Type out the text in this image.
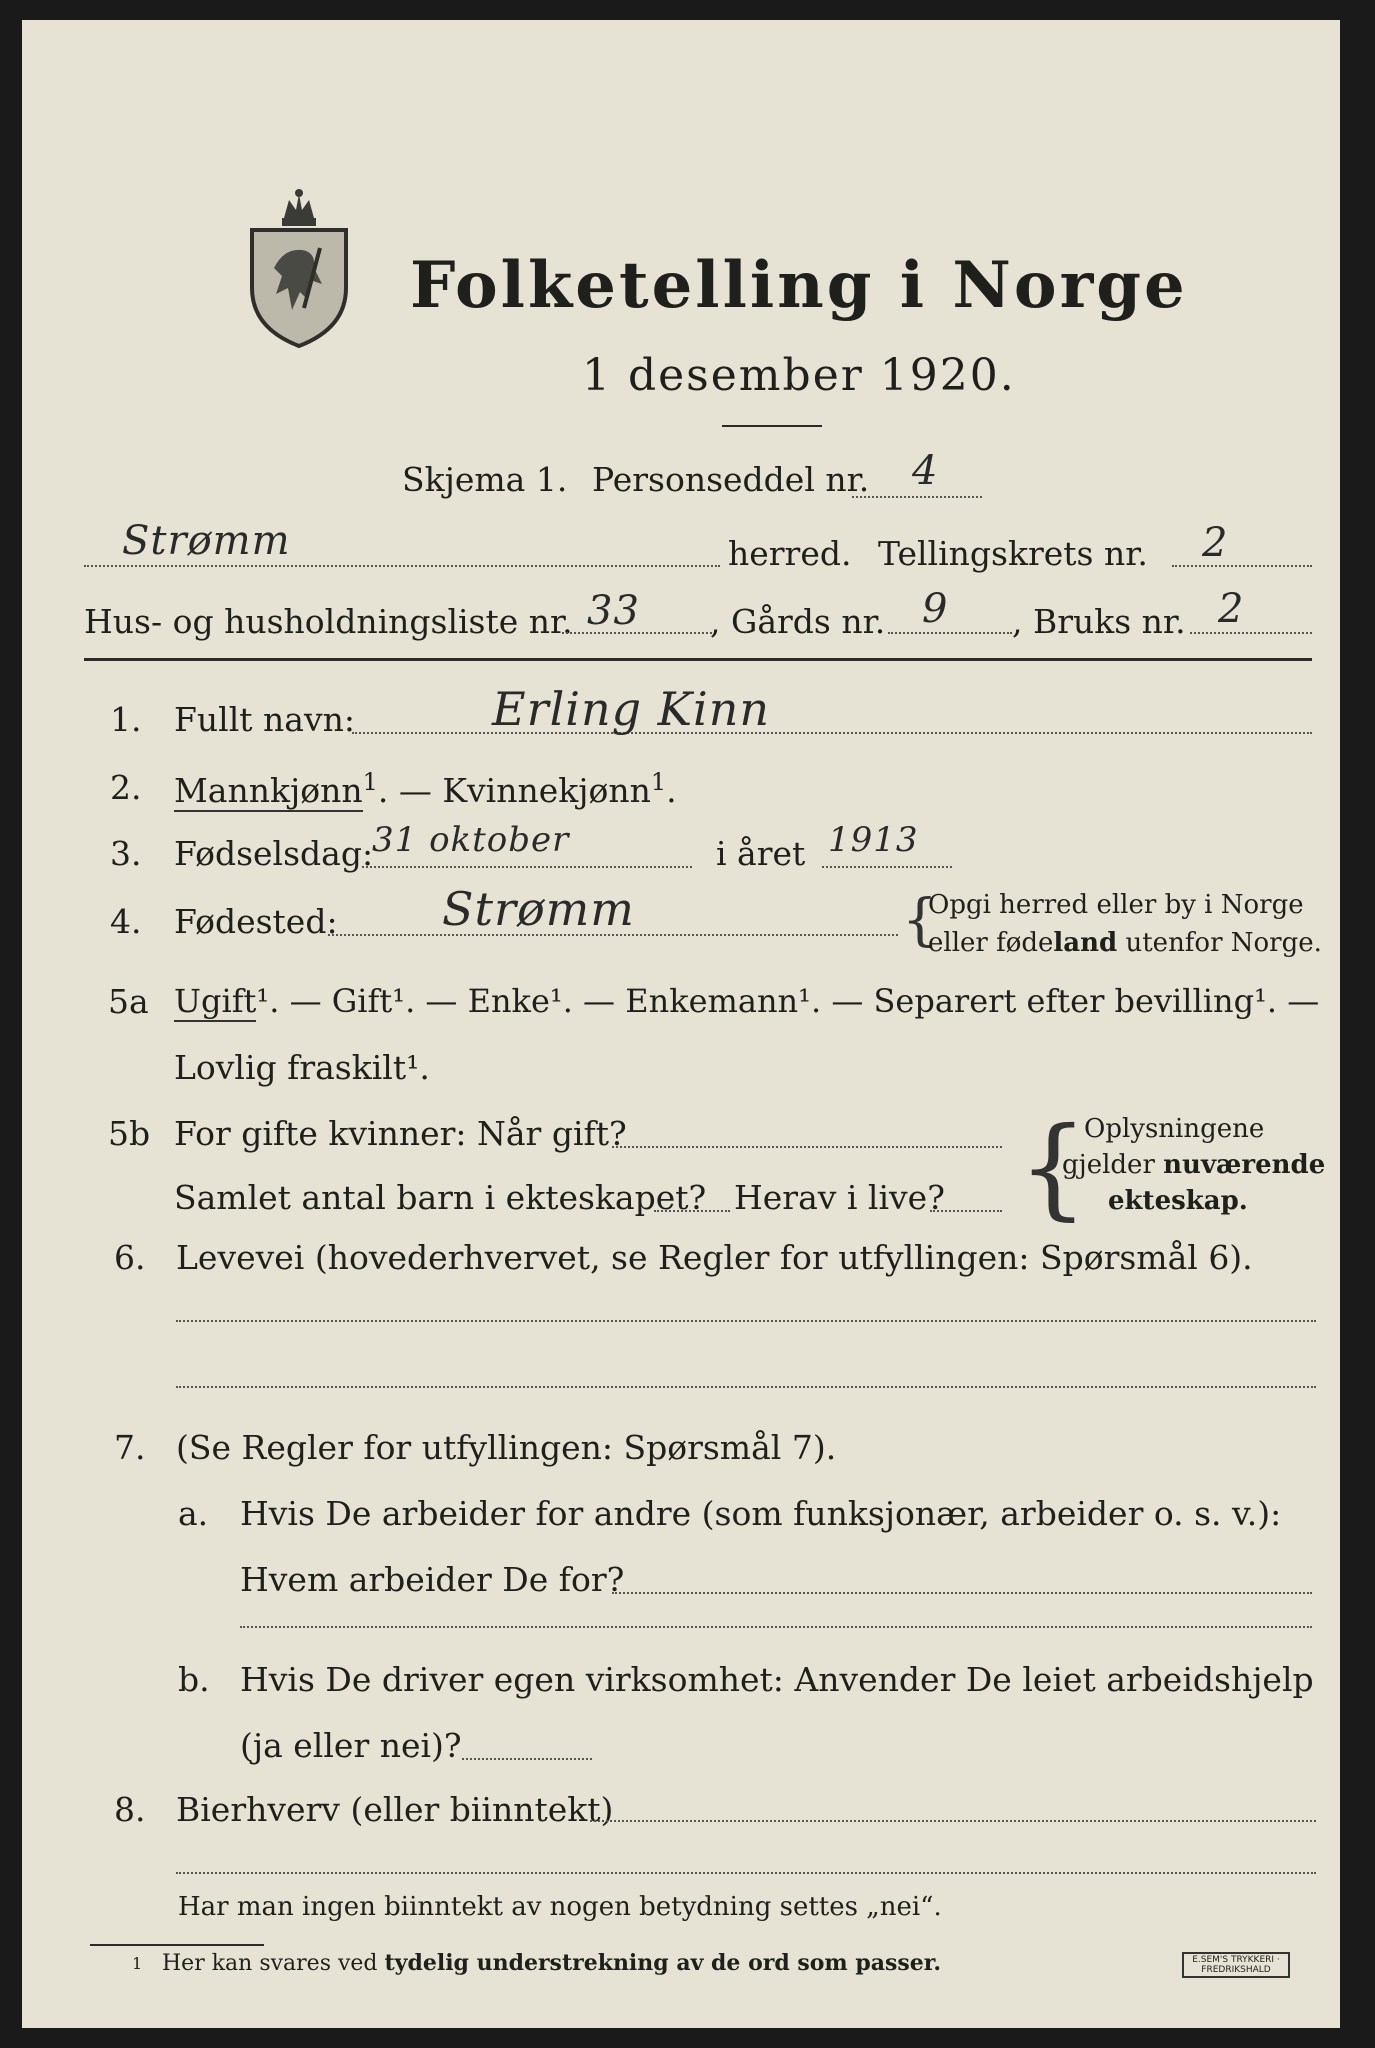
Folketelling i Norge
1 desember 1920.
Skjema 1. Personseddel nr. 4
Strømm	herred. Tellingskrets nr. 2
Hus- og husholdningsliste nr. 33 , Gårds nr. 9 , Bruks nr. 2
1. Fullt navn:	Erling Kinn
2. Mannkjønn$^1$. — Kvinnekjønn$^1$.
3. Fødselsdag:
31 oktober	i året 1913
4. Fødested: Strømm	{
Opgi herred eller by i Norge
eller fødeland utenfor Norge.
5a Ugift¹. — Gift¹. — Enke¹. — Enkemann¹. — Separert efter bevilling¹. —
Lovlig fraskilt¹.
5b For gifte kvinner: Når gift?
Samlet antal barn i ekteskapet? Herav i live? {
Oplysningene
gjelder nuværende
ekteskap.
6. Levevei (hovederhvervet, se Regler for utfyllingen: Spørsmål 6).
7. (Se Regler for utfyllingen: Spørsmål 7).
a. Hvis De arbeider for andre (som funksjonær, arbeider o. s. v.):
Hvem arbeider De for?
b. Hvis De driver egen virksomhet: Anvender De leiet arbeidshjelp
(ja eller nei)?
8. Bierhverv (eller biinntekt)
Har man ingen biinntekt av nogen betydning settes „nei“.
1 Her kan svares ved tydelig understrekning av de ord som passer.	E.SEM'S TRYKKERI · FREDRIKSHALD
